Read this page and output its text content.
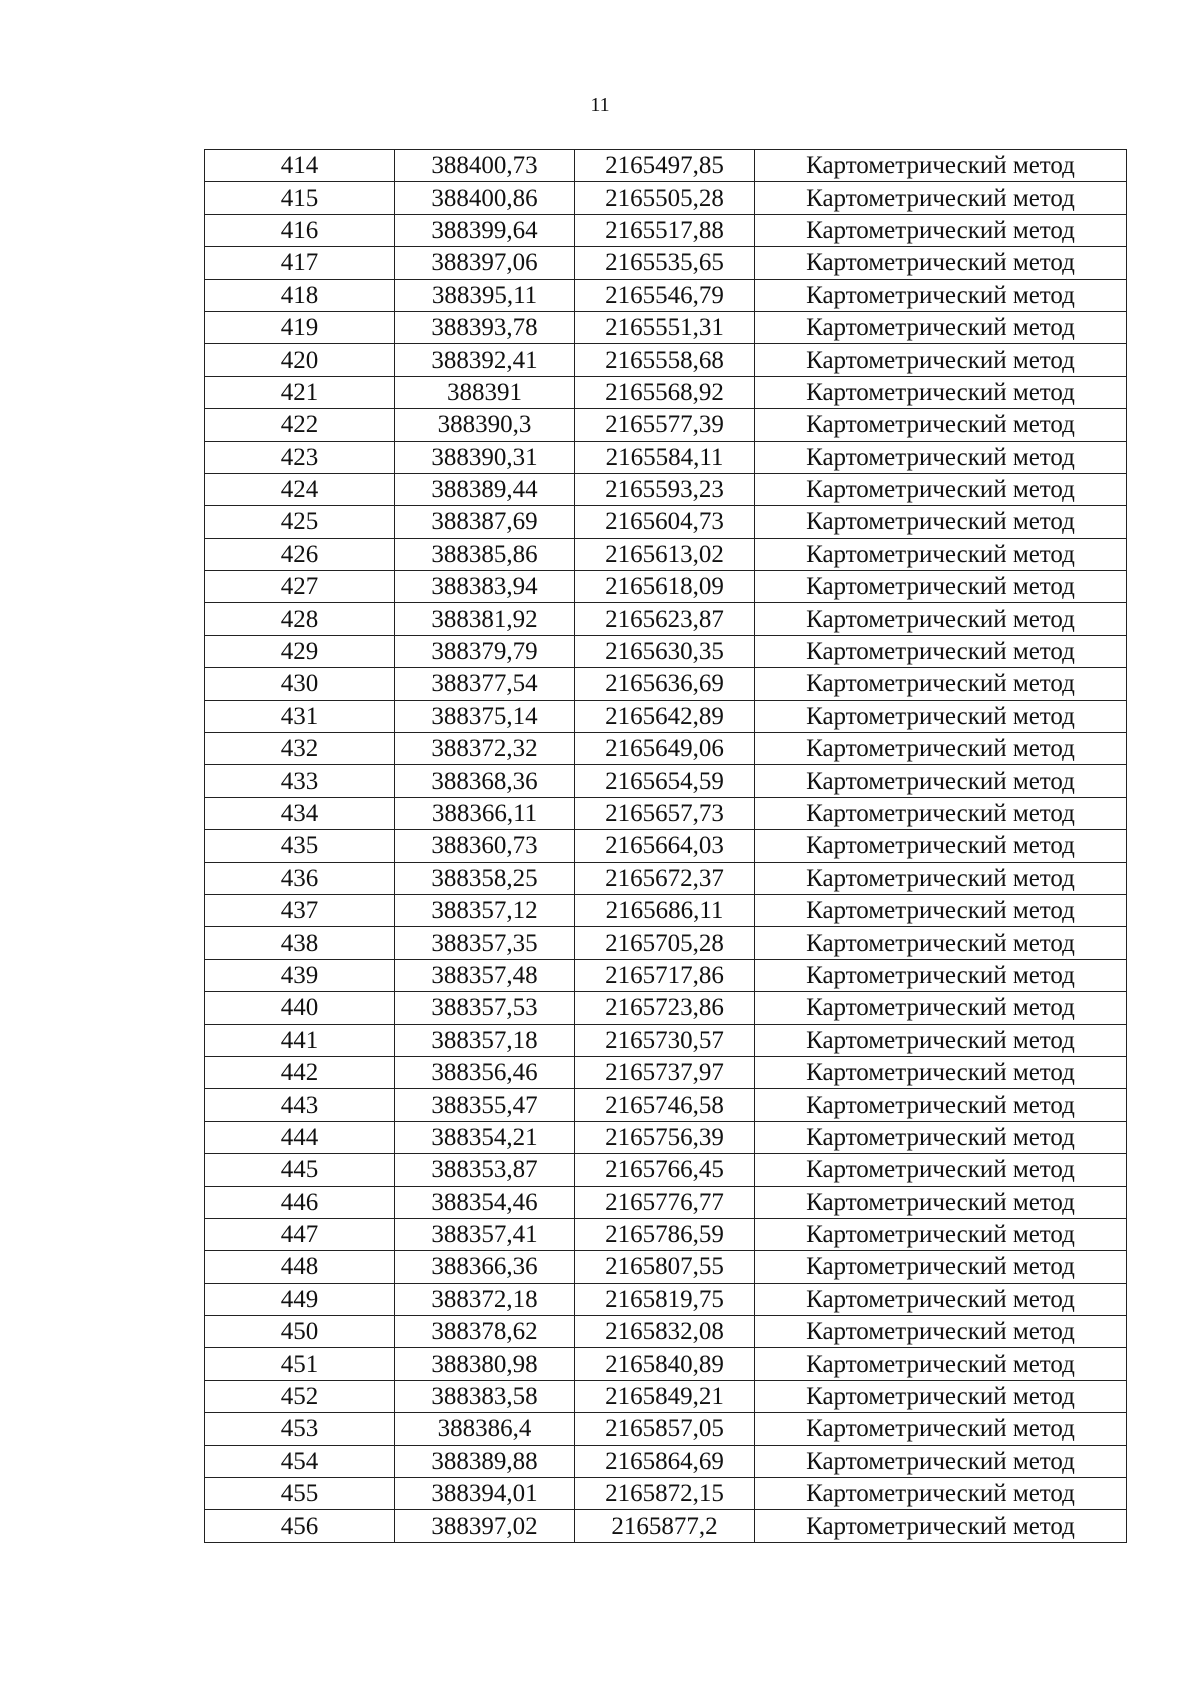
11
414	388400,73	2165497,85	Картометрический метод
415	388400,86	2165505,28	Картометрический метод
416	388399,64	2165517,88	Картометрический метод
417	388397,06	2165535,65	Картометрический метод
418	388395,11	2165546,79	Картометрический метод
419	388393,78	2165551,31	Картометрический метод
420	388392,41	2165558,68	Картометрический метод
421	388391	2165568,92	Картометрический метод
422	388390,3	2165577,39	Картометрический метод
423	388390,31	2165584,11	Картометрический метод
424	388389,44	2165593,23	Картометрический метод
425	388387,69	2165604,73	Картометрический метод
426	388385,86	2165613,02	Картометрический метод
427	388383,94	2165618,09	Картометрический метод
428	388381,92	2165623,87	Картометрический метод
429	388379,79	2165630,35	Картометрический метод
430	388377,54	2165636,69	Картометрический метод
431	388375,14	2165642,89	Картометрический метод
432	388372,32	2165649,06	Картометрический метод
433	388368,36	2165654,59	Картометрический метод
434	388366,11	2165657,73	Картометрический метод
435	388360,73	2165664,03	Картометрический метод
436	388358,25	2165672,37	Картометрический метод
437	388357,12	2165686,11	Картометрический метод
438	388357,35	2165705,28	Картометрический метод
439	388357,48	2165717,86	Картометрический метод
440	388357,53	2165723,86	Картометрический метод
441	388357,18	2165730,57	Картометрический метод
442	388356,46	2165737,97	Картометрический метод
443	388355,47	2165746,58	Картометрический метод
444	388354,21	2165756,39	Картометрический метод
445	388353,87	2165766,45	Картометрический метод
446	388354,46	2165776,77	Картометрический метод
447	388357,41	2165786,59	Картометрический метод
448	388366,36	2165807,55	Картометрический метод
449	388372,18	2165819,75	Картометрический метод
450	388378,62	2165832,08	Картометрический метод
451	388380,98	2165840,89	Картометрический метод
452	388383,58	2165849,21	Картометрический метод
453	388386,4	2165857,05	Картометрический метод
454	388389,88	2165864,69	Картометрический метод
455	388394,01	2165872,15	Картометрический метод
456	388397,02	2165877,2	Картометрический метод
